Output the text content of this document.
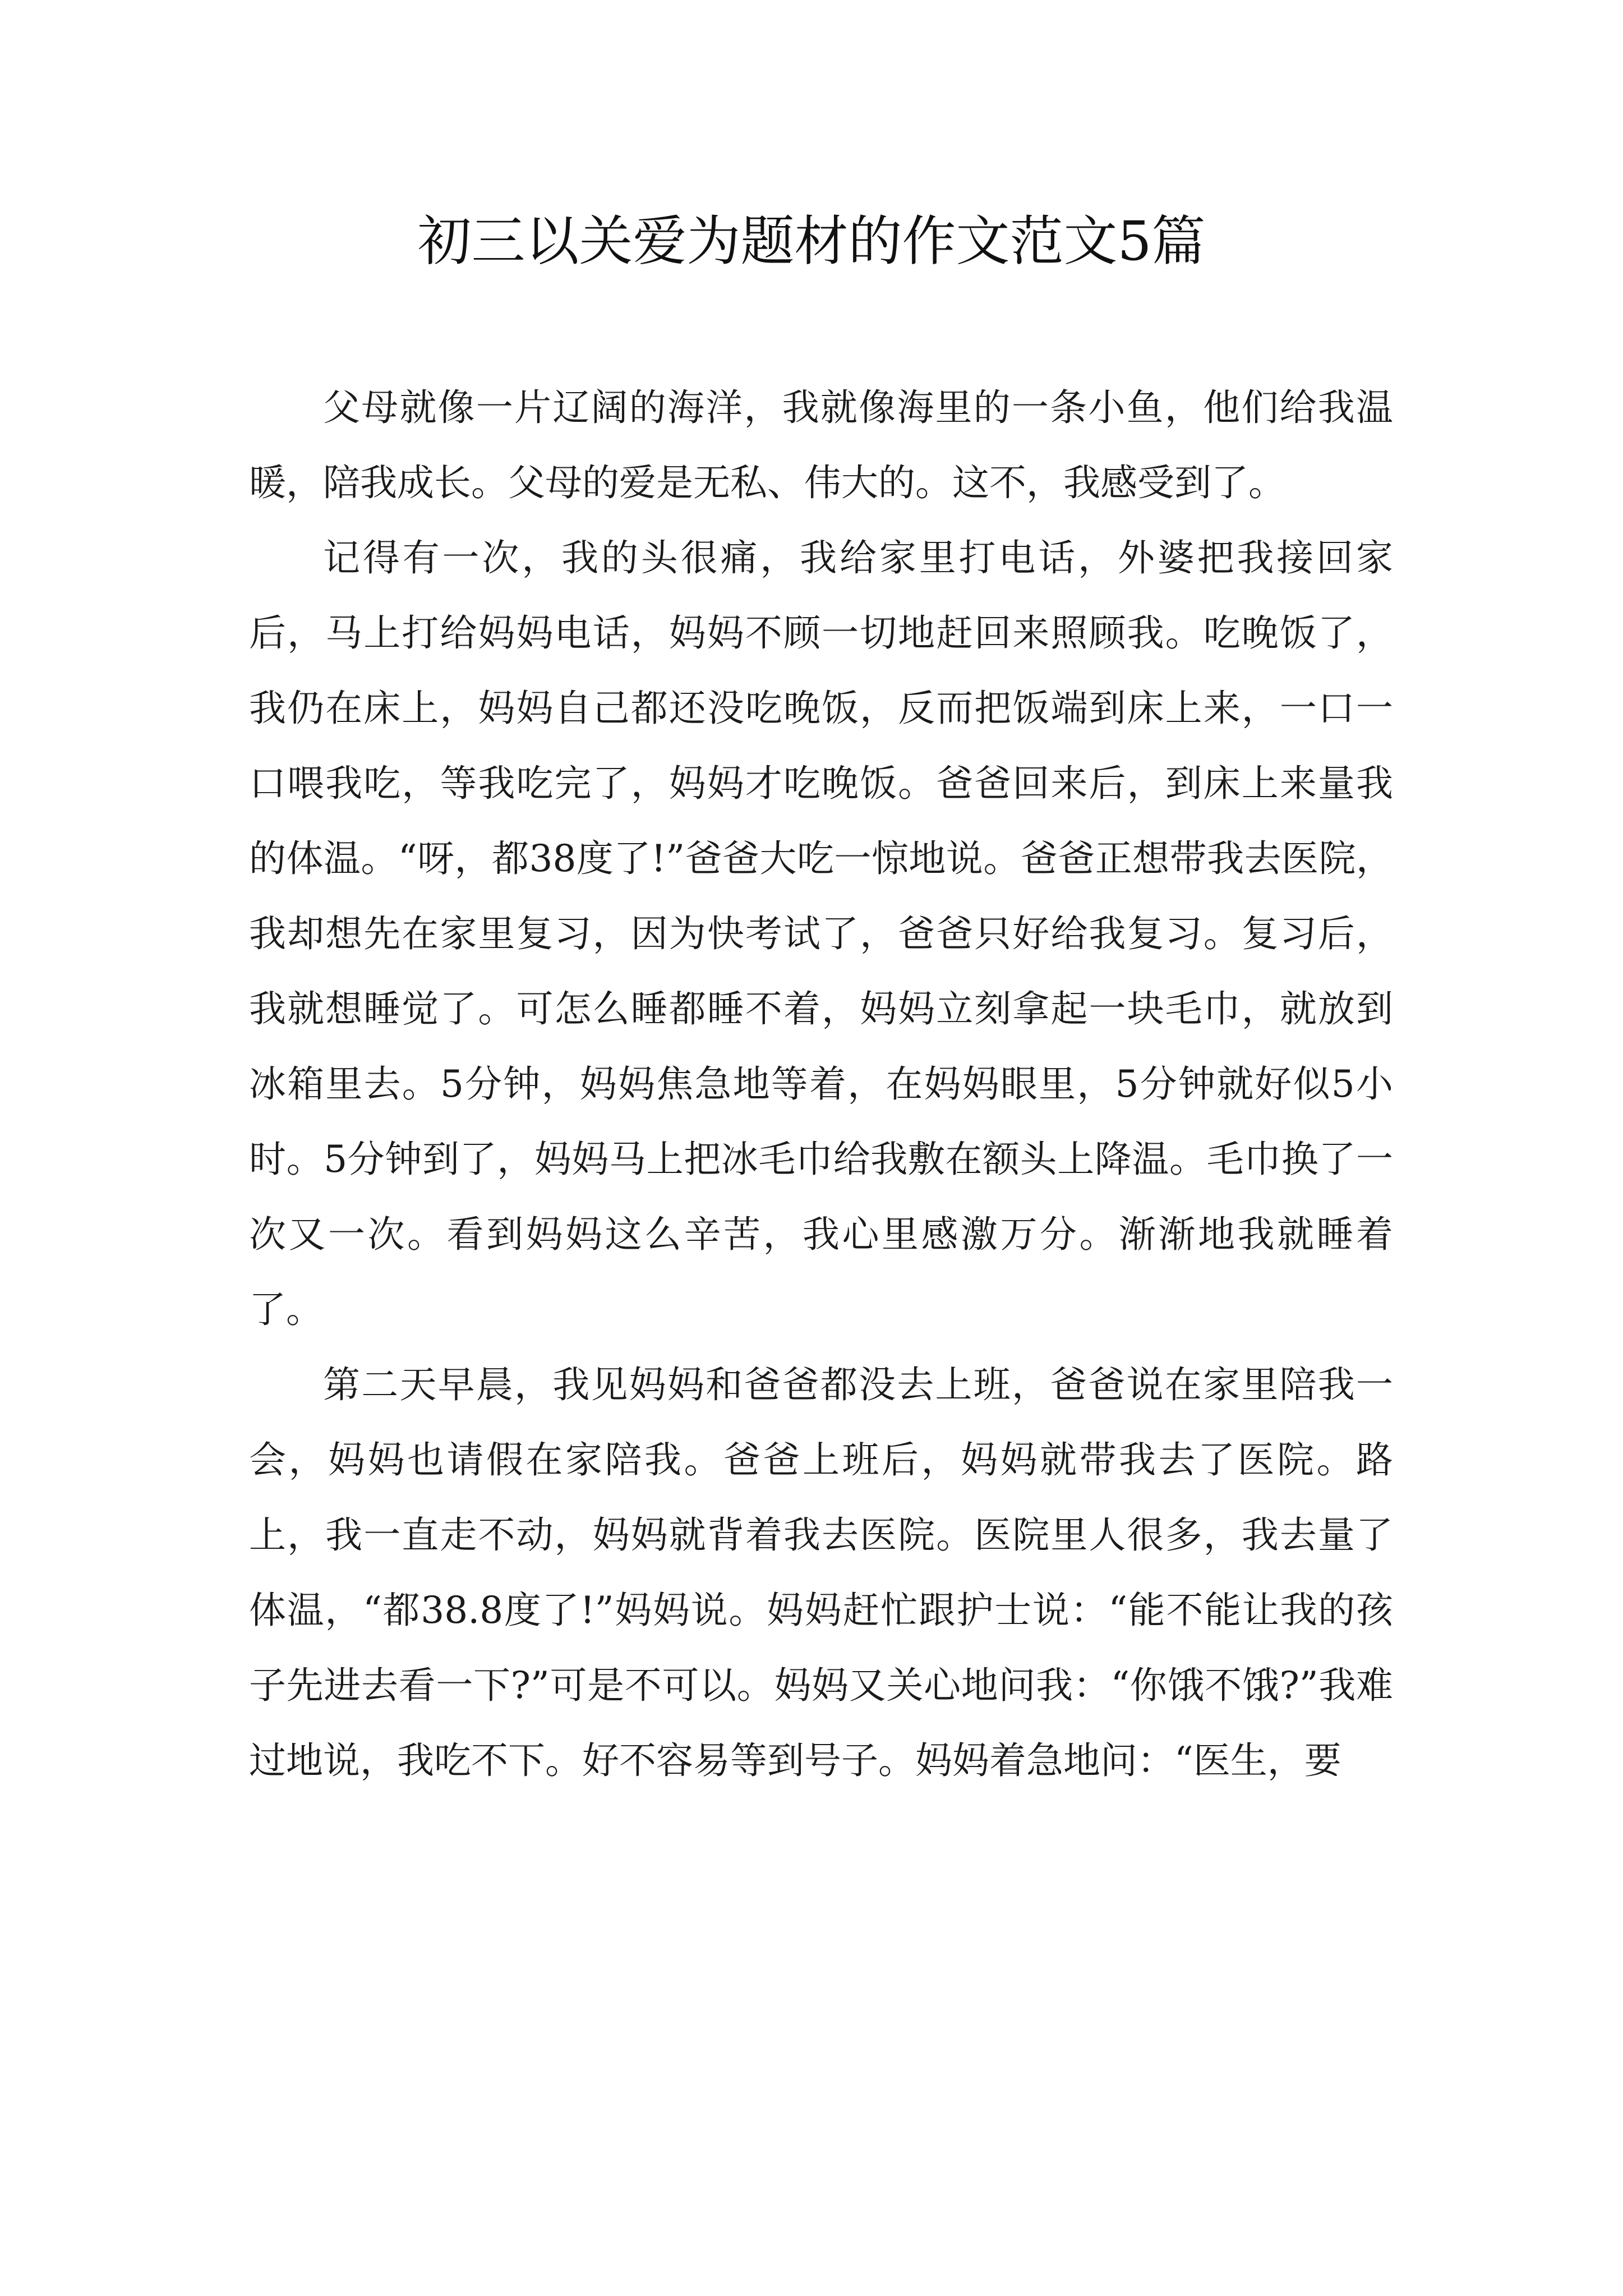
初三以关爱为题材的作文范文5篇

父母就像一片辽阔的海洋，我就像海里的一条小鱼，他们给我温暖，陪我成长。父母的爱是无私、伟大的。这不，我感受到了。

记得有一次，我的头很痛，我给家里打电话，外婆把我接回家后，马上打给妈妈电话，妈妈不顾一切地赶回来照顾我。吃晚饭了，我仍在床上，妈妈自己都还没吃晚饭，反而把饭端到床上来，一口一口喂我吃，等我吃完了，妈妈才吃晚饭。爸爸回来后，到床上来量我的体温。“呀，都38度了!”爸爸大吃一惊地说。爸爸正想带我去医院，我却想先在家里复习，因为快考试了，爸爸只好给我复习。复习后，我就想睡觉了。可怎么睡都睡不着，妈妈立刻拿起一块毛巾，就放到冰箱里去。5分钟，妈妈焦急地等着，在妈妈眼里，5分钟就好似5小时。5分钟到了，妈妈马上把冰毛巾给我敷在额头上降温。毛巾换了一次又一次。看到妈妈这么辛苦，我心里感激万分。渐渐地我就睡着了。

第二天早晨，我见妈妈和爸爸都没去上班，爸爸说在家里陪我一会，妈妈也请假在家陪我。爸爸上班后，妈妈就带我去了医院。路上，我一直走不动，妈妈就背着我去医院。医院里人很多，我去量了体温，“都38.8度了!”妈妈说。妈妈赶忙跟护士说：“能不能让我的孩子先进去看一下?”可是不可以。妈妈又关心地问我：“你饿不饿?”我难过地说，我吃不下。好不容易等到号子。妈妈着急地问：“医生，要
